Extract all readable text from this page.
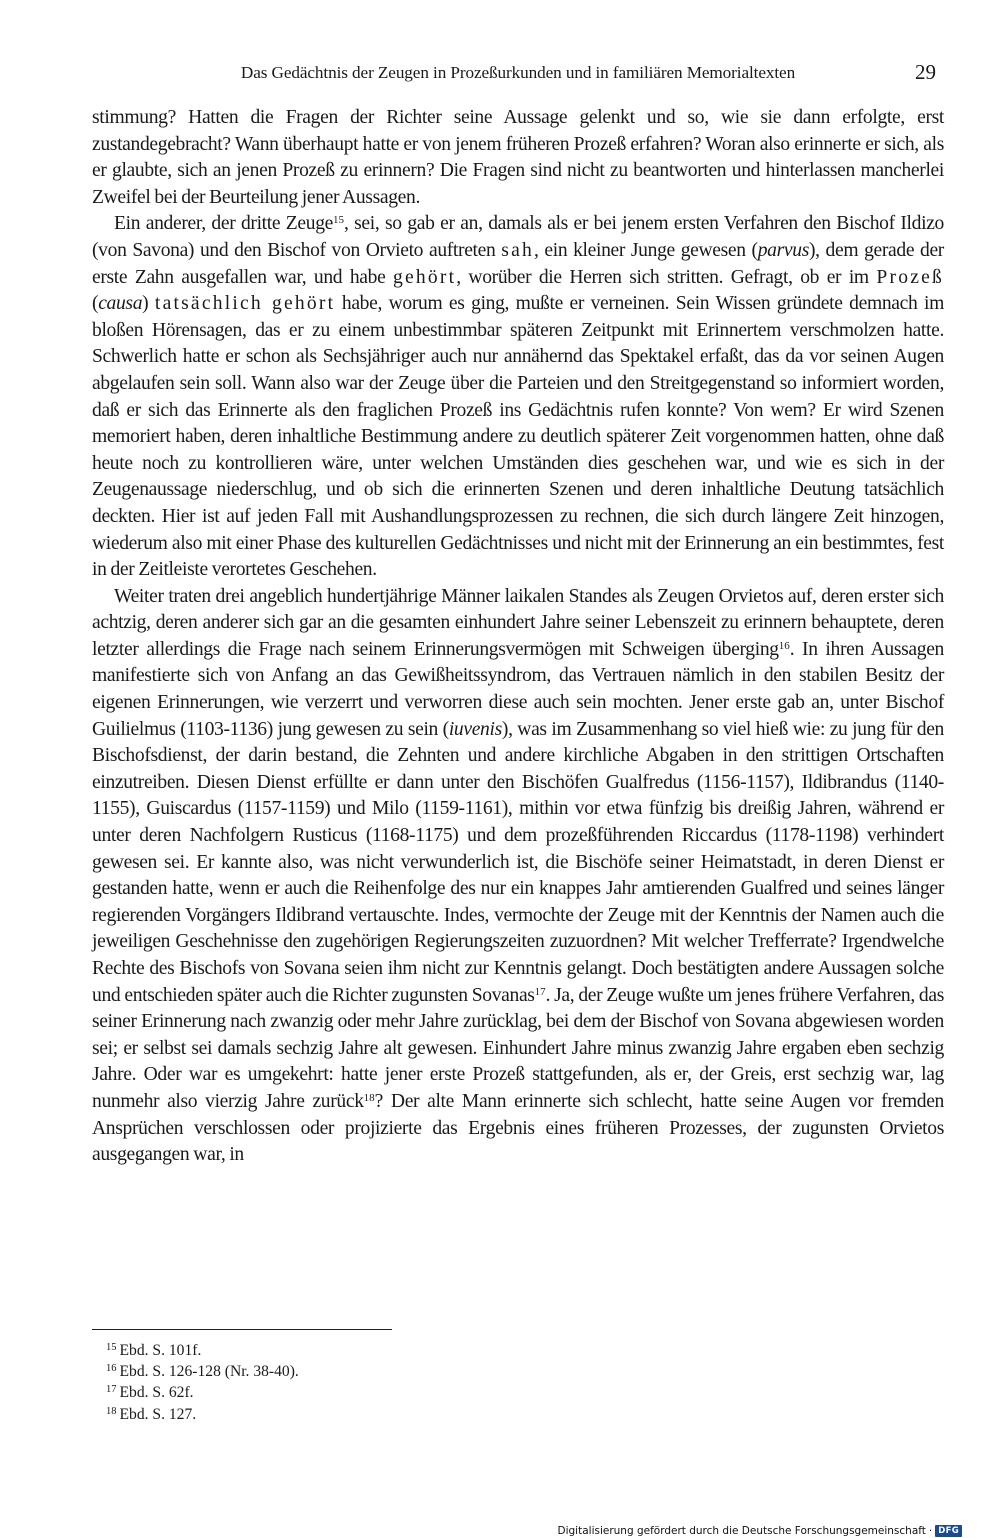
Das Gedächtnis der Zeugen in Prozeßurkunden und in familiären Memorialtexten	29

stimmung? Hatten die Fragen der Richter seine Aussage gelenkt und so, wie sie dann erfolgte, erst zustandegebracht? Wann überhaupt hatte er von jenem früheren Prozeß erfahren? Woran also erinnerte er sich, als er glaubte, sich an jenen Prozeß zu erinnern? Die Fragen sind nicht zu beantworten und hinterlassen mancherlei Zweifel bei der Beurteilung jener Aussagen.

Ein anderer, der dritte Zeuge$^{15}$, sei, so gab er an, damals als er bei jenem ersten Verfahren den Bischof Ildizo (von Savona) und den Bischof von Orvieto auftreten sah, ein kleiner Junge gewesen (parvus), dem gerade der erste Zahn ausgefallen war, und habe gehört, worüber die Herren sich stritten. Gefragt, ob er im Prozeß (causa) tatsächlich gehört habe, worum es ging, mußte er verneinen. Sein Wissen gründete demnach im bloßen Hörensagen, das er zu einem unbestimmbar späteren Zeitpunkt mit Erinnertem verschmolzen hatte. Schwerlich hatte er schon als Sechsjähriger auch nur annähernd das Spektakel erfaßt, das da vor seinen Augen abgelaufen sein soll. Wann also war der Zeuge über die Parteien und den Streitgegenstand so informiert worden, daß er sich das Erinnerte als den fraglichen Prozeß ins Gedächtnis rufen konnte? Von wem? Er wird Szenen memoriert haben, deren inhaltliche Bestimmung andere zu deutlich späterer Zeit vorgenommen hatten, ohne daß heute noch zu kontrollieren wäre, unter welchen Umständen dies geschehen war, und wie es sich in der Zeugenaussage niederschlug, und ob sich die erinnerten Szenen und deren inhaltliche Deutung tatsächlich deckten. Hier ist auf jeden Fall mit Aushandlungsprozessen zu rechnen, die sich durch längere Zeit hinzogen, wiederum also mit einer Phase des kulturellen Gedächtnisses und nicht mit der Erinnerung an ein bestimmtes, fest in der Zeitleiste verortetes Geschehen.

Weiter traten drei angeblich hundertjährige Männer laikalen Standes als Zeugen Orvietos auf, deren erster sich achtzig, deren anderer sich gar an die gesamten einhundert Jahre seiner Lebenszeit zu erinnern behauptete, deren letzter allerdings die Frage nach seinem Erinnerungsvermögen mit Schweigen überging$^{16}$. In ihren Aussagen manifestierte sich von Anfang an das Gewißheitssyndrom, das Vertrauen nämlich in den stabilen Besitz der eigenen Erinnerungen, wie verzerrt und verworren diese auch sein mochten. Jener erste gab an, unter Bischof Guilielmus (1103-1136) jung gewesen zu sein (iuvenis), was im Zusammenhang so viel hieß wie: zu jung für den Bischofsdienst, der darin bestand, die Zehnten und andere kirchliche Abgaben in den strittigen Ortschaften einzutreiben. Diesen Dienst erfüllte er dann unter den Bischöfen Gualfredus (1156-1157), Ildibrandus (1140-1155), Guiscardus (1157-1159) und Milo (1159-1161), mithin vor etwa fünfzig bis dreißig Jahren, während er unter deren Nachfolgern Rusticus (1168-1175) und dem prozeßführenden Riccardus (1178-1198) verhindert gewesen sei. Er kannte also, was nicht verwunderlich ist, die Bischöfe seiner Heimatstadt, in deren Dienst er gestanden hatte, wenn er auch die Reihenfolge des nur ein knappes Jahr amtierenden Gualfred und seines länger regierenden Vorgängers Ildibrand vertauschte. Indes, vermochte der Zeuge mit der Kenntnis der Namen auch die jeweiligen Geschehnisse den zugehörigen Regierungszeiten zuzuordnen? Mit welcher Trefferrate? Irgendwelche Rechte des Bischofs von Sovana seien ihm nicht zur Kenntnis gelangt. Doch bestätigten andere Aussagen solche und entschieden später auch die Richter zugunsten Sovanas$^{17}$. Ja, der Zeuge wußte um jenes frühere Verfahren, das seiner Erinnerung nach zwanzig oder mehr Jahre zurücklag, bei dem der Bischof von Sovana abgewiesen worden sei; er selbst sei damals sechzig Jahre alt gewesen. Einhundert Jahre minus zwanzig Jahre ergaben eben sechzig Jahre. Oder war es umgekehrt: hatte jener erste Prozeß stattgefunden, als er, der Greis, erst sechzig war, lag nunmehr also vierzig Jahre zurück$^{18}$? Der alte Mann erinnerte sich schlecht, hatte seine Augen vor fremden Ansprüchen verschlossen oder projizierte das Ergebnis eines früheren Prozesses, der zugunsten Orvietos ausgegangen war, in

$^{15}$ Ebd. S. 101f.

$^{16}$ Ebd. S. 126-128 (Nr. 38-40).

$^{17}$ Ebd. S. 62f.

$^{18}$ Ebd. S. 127.

Digitalisierung gefördert durch die Deutsche Forschungsgemeinschaft · DFG
